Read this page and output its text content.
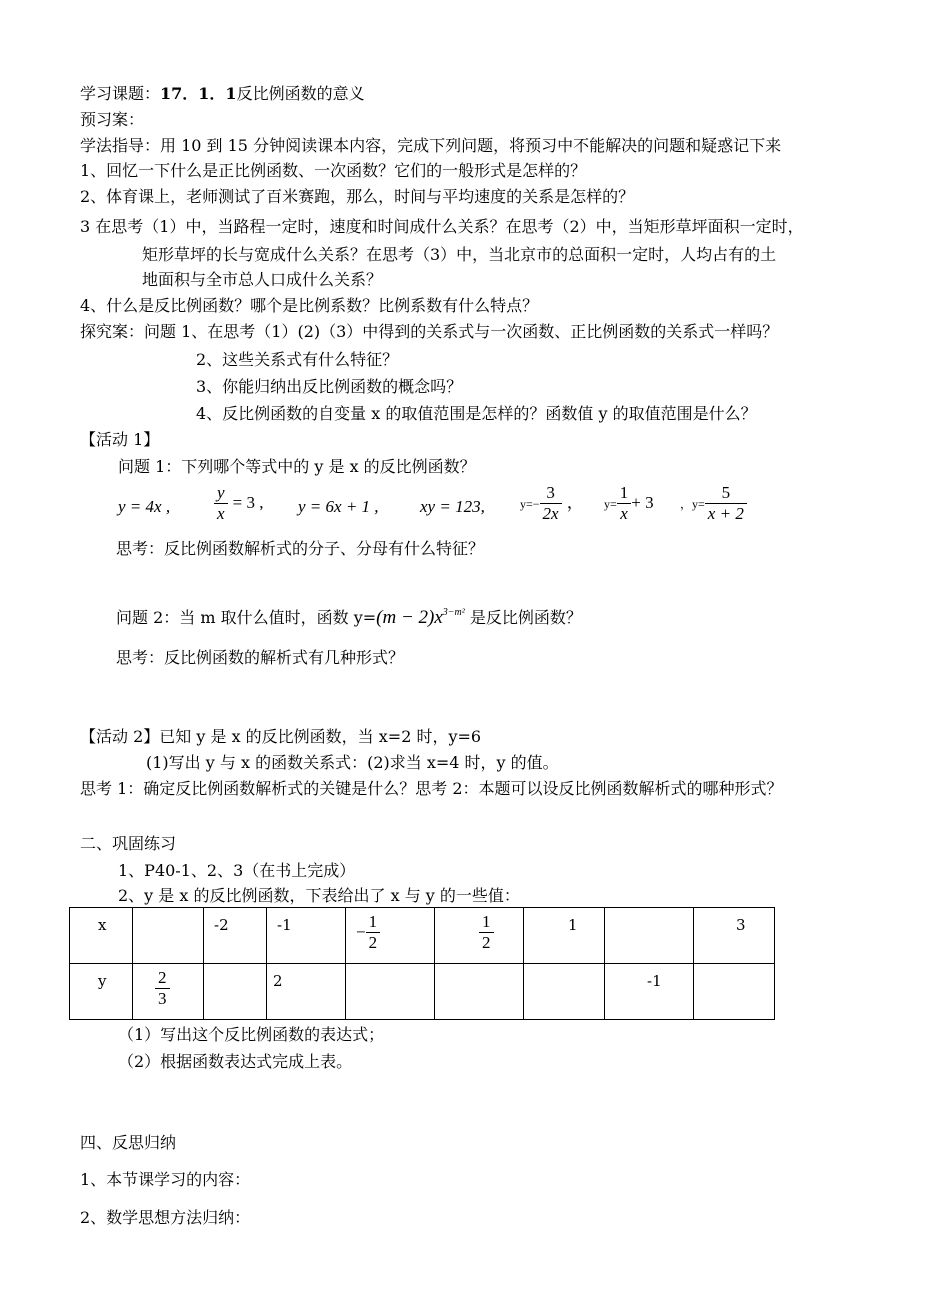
学习课题：17．1．1反比例函数的意义
预习案：
学法指导：用 10 到 15 分钟阅读课本内容，完成下列问题，将预习中不能解决的问题和疑惑记下来
1、回忆一下什么是正比例函数、一次函数？它们的一般形式是怎样的？
2、体育课上，老师测试了百米赛跑，那么，时间与平均速度的关系是怎样的？
3 在思考（1）中，当路程一定时，速度和时间成什么关系？在思考（2）中，当矩形草坪面积一定时，
矩形草坪的长与宽成什么关系？在思考（3）中，当北京市的总面积一定时，人均占有的土
地面积与全市总人口成什么关系？
4、什么是反比例函数？哪个是比例系数？比例系数有什么特点？
探究案：问题 1、在思考（1）(2)（3）中得到的关系式与一次函数、正比例函数的关系式一样吗？
2、这些关系式有什么特征？
3、你能归纳出反比例函数的概念吗？
4、反比例函数的自变量 x 的取值范围是怎样的？函数值 y 的取值范围是什么？
【活动 1】
问题 1：下列哪个等式中的 y 是 x 的反比例函数？
y = 4x ,	$\frac{y}{x} = 3$ , y = 6x + 1 , xy = 123,	$y=- \frac{3}{2x}$ ， $y= \frac{1}{x} + 3$ ，$y= \frac{5}{x + 2}$
思考：反比例函数解析式的分子、分母有什么特征？
问题 2：当 m 取什么值时，函数 $y=(m - 2)x^{3-m^2}$ 是反比例函数？
思考：反比例函数的解析式有几种形式？
【活动 2】已知 y 是 x 的反比例函数，当 x=2 时，y=6
(1)写出 y 与 x 的函数关系式：(2)求当 x=4 时，y 的值。
思考 1：确定反比例函数解析式的关键是什么？思考 2：本题可以设反比例函数解析式的哪种形式？
二、巩固练习
1、P40-1、2、3（在书上完成）
2、y 是 x 的反比例函数，下表给出了 x 与 y 的一些值：
x		-2	-1	− $\frac{1}{2}$	$\frac{1}{2}$	1		3

y	$\frac{2}{3}$		2				-1	

（1）写出这个反比例函数的表达式；
（2）根据函数表达式完成上表。
四、反思归纳
1、本节课学习的内容：
2、数学思想方法归纳：
